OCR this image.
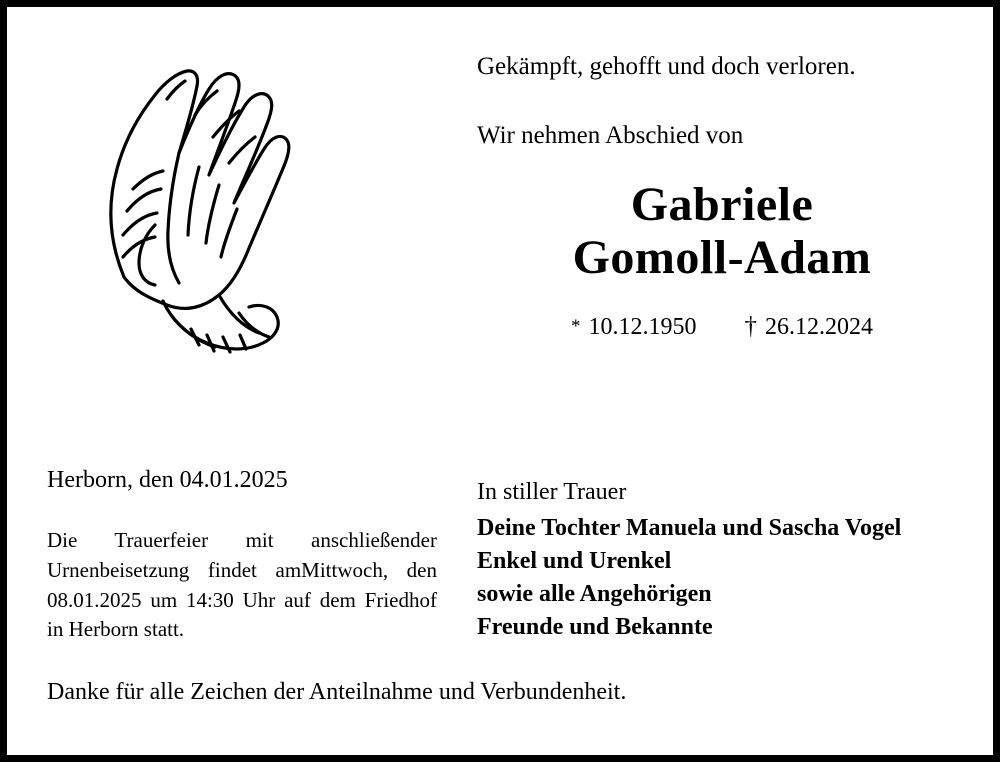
Gekämpft, gehofft und doch verloren.

Wir nehmen Abschied von

Gabriele
Gomoll-Adam
* 10.12.1950 † 26.12.2024

Herborn, den 04.01.2025

Die Trauerfeier mit anschließender Urnenbeisetzung findet amMittwoch, den 08.01.2025 um 14:30 Uhr auf dem Friedhof in Herborn statt.

In stiller Trauer

Deine Tochter Manuela und Sascha Vogel

Enkel und Urenkel

sowie alle Angehörigen

Freunde und Bekannte

Danke für alle Zeichen der Anteilnahme und Verbundenheit.
